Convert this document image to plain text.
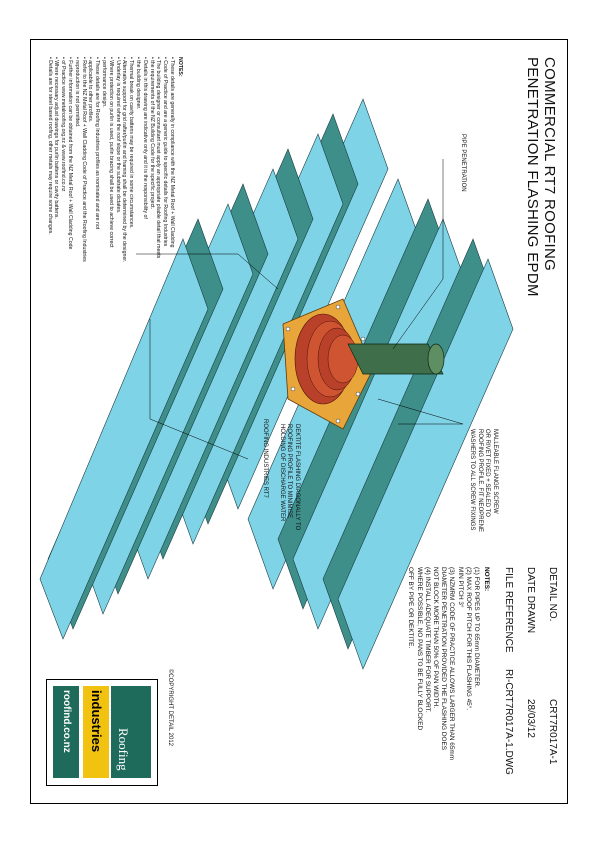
COMMERCIAL RT7 ROOFING
PENETRATION FLASHING EPDM
NOTES:
• These details are generally in compliance with the NZ Metal Roof + Wall Cladding
• Code of Practice and are a generic guide to specific details for Roofing Industries
• The building designer or consultant must apply an appropriate pliable detail that meets
• the requirements of the NZ Building Code for the specific project.
• Details in this drawing are indicative only and it is the responsibility of
• the building designer.
• Thermal break on cavity battens may be required in some circumstances.
• Alternative support for grid rafter/purlin and framing shall be determined by the designer.
• Underlay is required where the roof slope or the substrate dictates.
• Where protection on purlin is used, purlin bracing shall be used to achieve correct
• performance design.
• These details are for Roofing Industries profiles as nominated and are not
• applicable to other profiles.
• Refer to the NZ Metal Roof + Wall Cladding Code of Practice and the Roofing Industries
• reproduction is not permitted.
• Further information can be obtained from the NZ Metal Roof + Wall Cladding Code
• of Practice www.metalroofing.org.nz & www.rooﬁnd.co.nz
• Where necessary adjust drawings for purlin battens or cavity battens.
• Details are for steel based roofing, other metals may require some changes.	PIPE PENETRATION
MALLEABLE FLANGE SCREW
OR RIVET FIXED + SEALED TO
ROOFING PROFILE. FIT NEOPRENE
WASHERS TO ALL SCREW FIXINGS
DEKTITE FLASHING DIAGONALLY TO
ROOFING PROFILE TO MINIMISE
HOLDING OF DISCHARGE WATER
ROOFING INDUSTRIES RT7
DETAIL NO.
CRT7R017A-1
DATE DRAWN
28/03/12
FILE REFERENCE
RI-CRT7R017A-1.DWG
NOTES:
(1) FOR PIPES UP TO 65mm DIAMETER.
(2) MAX ROOF PITCH FOR THIS FLASHING 45°.
MIN PITCH 3°
(3) NZMRM CODE OF PRACTICE ALLOWS LARGER THAN 65mm
DIAMETER PENETRATION PROVIDED THE FLASHING DOES
NOT BLOCK MORE THAN 50% OF PAN WIDTH.
(4) INSTALL ADEQUATE TIMBER FOR SUPPORT.
WHERE POSSIBLE, NO PANS TO BE FULLY BLOCKED
OFF BY PIPE OR DEKTITE.
©COPYRIGHT DETAIL 2012
Roofing
industries
roofind.co.nz
